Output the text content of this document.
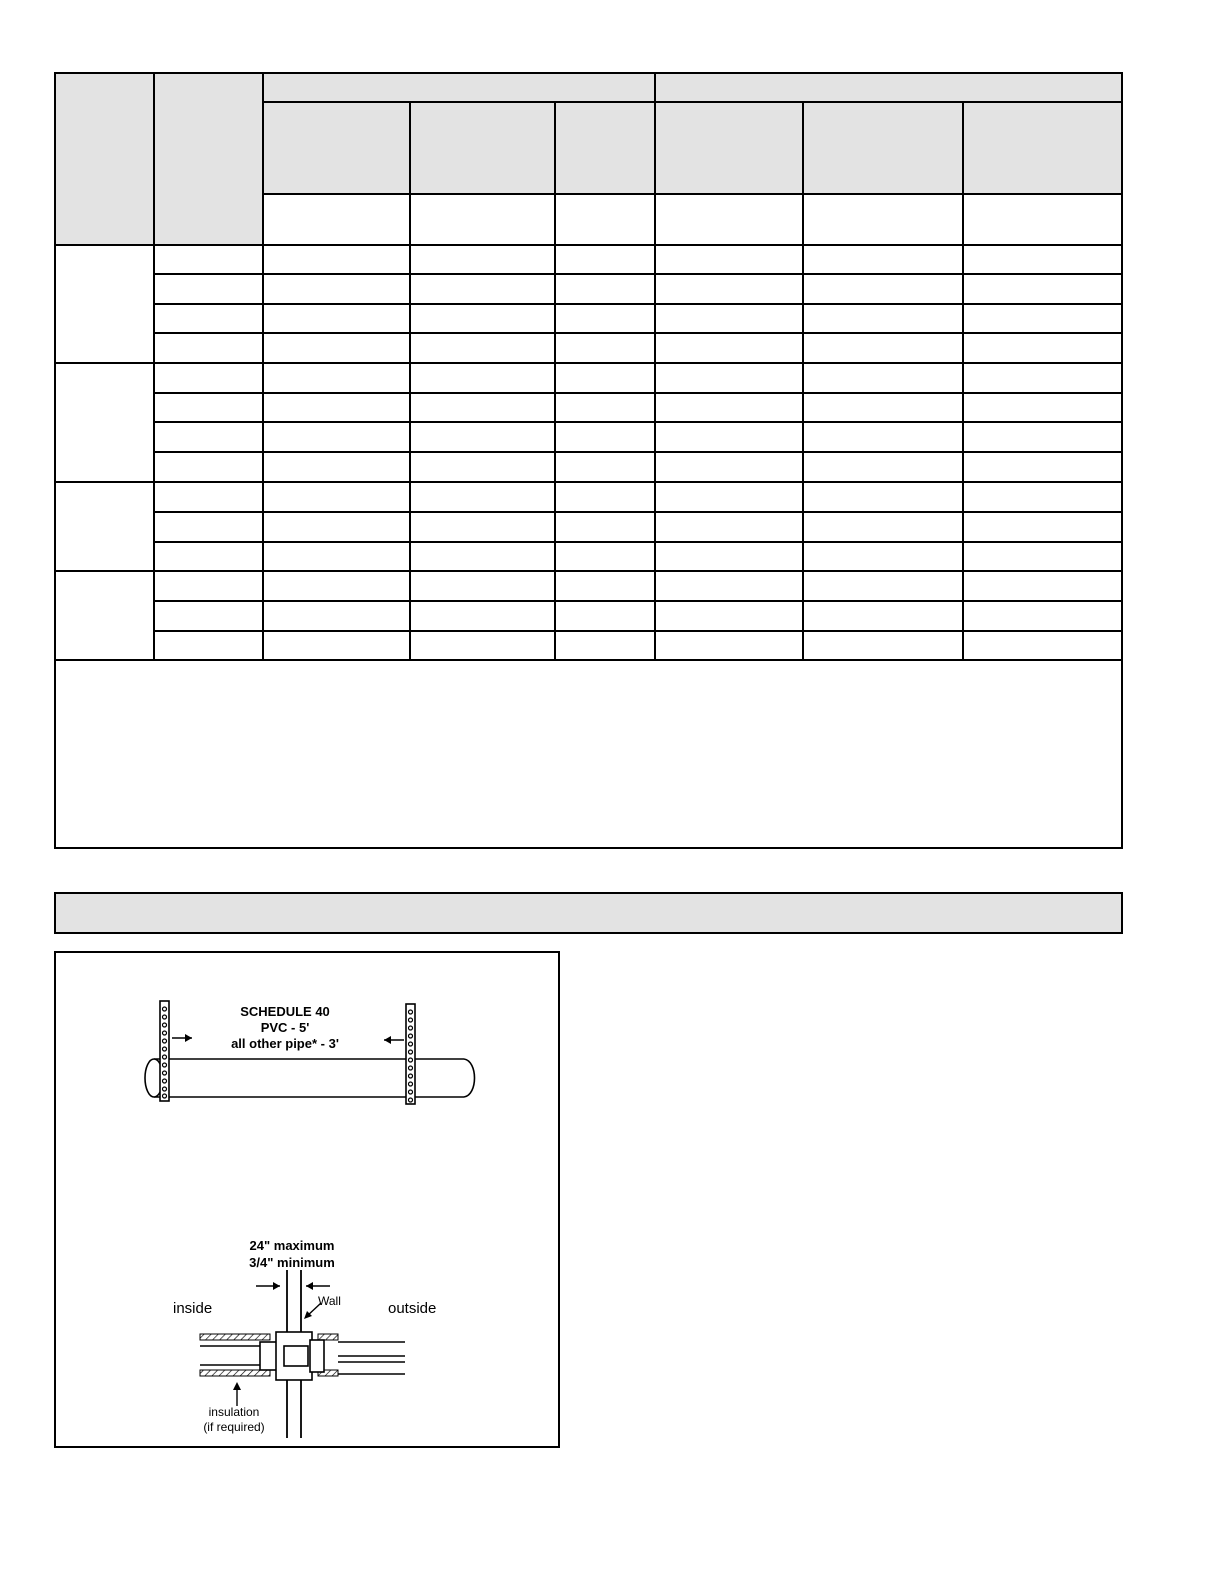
SCHEDULE 40
PVC - 5'
all other pipe* - 3'
24" maximum
3/4" minimum
inside	outside
Wall
insulation
(if required)
